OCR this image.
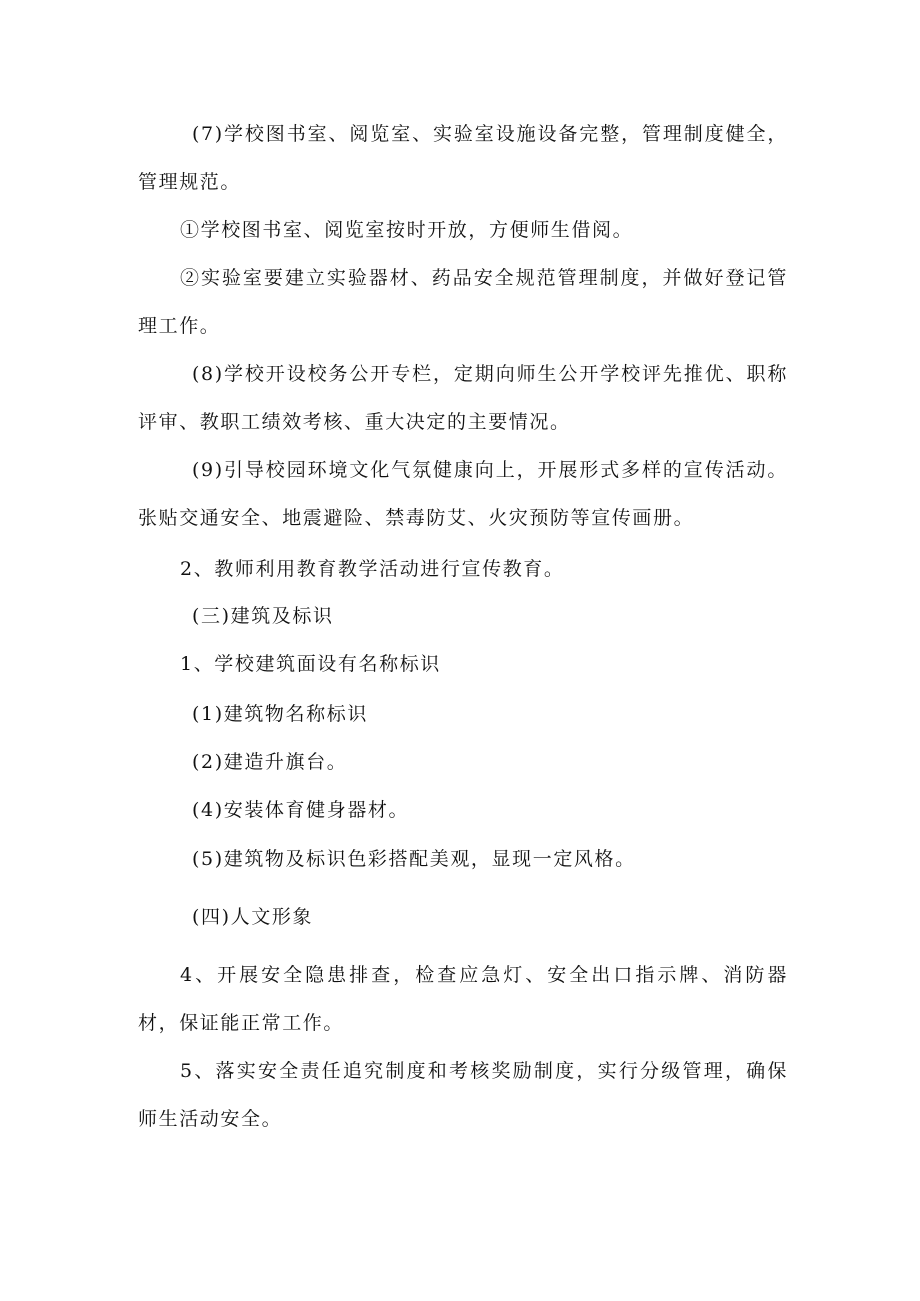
(7)学校图书室、阅览室、实验室设施设备完整，管理制度健全，管理规范。

①学校图书室、阅览室按时开放，方便师生借阅。

②实验室要建立实验器材、药品安全规范管理制度，并做好登记管理工作。

(8)学校开设校务公开专栏，定期向师生公开学校评先推优、职称评审、教职工绩效考核、重大决定的主要情况。

(9)引导校园环境文化气氛健康向上，开展形式多样的宣传活动。张贴交通安全、地震避险、禁毒防艾、火灾预防等宣传画册。

2、教师利用教育教学活动进行宣传教育。

(三)建筑及标识

1、学校建筑面设有名称标识

(1)建筑物名称标识

(2)建造升旗台。

(4)安装体育健身器材。

(5)建筑物及标识色彩搭配美观，显现一定风格。

(四)人文形象

4、开展安全隐患排查，检查应急灯、安全出口指示牌、消防器材，保证能正常工作。

5、落实安全责任追究制度和考核奖励制度，实行分级管理，确保师生活动安全。
